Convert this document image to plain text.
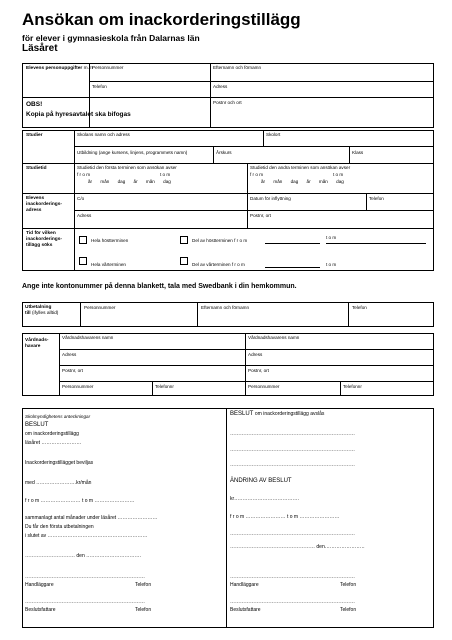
Ansökan om inackorderingstillägg
för elever i gymnasieskola från Dalarnas län
Läsåret
Elevens personuppgifter m.m Personnummer	Efternamn och förnamn
Telefon	Adress
OBS!
Kopia på hyresavtalet ska bifogas
Postnr och ort
Studier	Skolans namn och adress	Skolort
Utbildning (ange kursens, linjens, programmets namn)	Årskurs	Klass
Studietid	Studietid den första terminen som ansökan avser	Studietid den andra terminen som ansökan avser
f r o m	t o m	f r o m	t o m
år mån dag år mån dag	år mån dag år mån dag
Elevens
inackorderings-
adress
C/o	Datum för inflyttning	Telefon
Adress	Postnr, ort
Tid för vilken
inackorderings-
tillägg söks
Hela höstterminen	Del av höstterminen f r o m
t o m
Hela vårterminen	Del av vårterminen f r o m	t o m
Ange inte kontonummer på denna blankett, tala med Swedbank i din hemkommun.
Utbetalning
till (ifylles alltid)
Personnummer	Efternamn och förnamn	Telefon
Vårdnads-
havare
Vårdnadshavarens namn	Vårdnadshavarens namn
Adress	Adress
Postnr, ort	Postnr, ort
Personnummer	Telefonnr	Personnummer	Telefonnr
Skolmyndighetens anteckningar
BESLUT
om inackorderingstillägg
läsåret ……………………
Inackorderingstillägget beviljas
med ……………………kr/mån
f r o m …………………… t o m ……………………
sammanlagt antal månader under läsåret ……………………
Du får den första utbetalningen
i slutet av ……………………………………………………
………………………… den ……………………………
………………………………………………………………
Handläggare	Telefon
………………………………………………………………
Beslutsfattare	Telefon
BESLUT om inackorderingstillägg avslås
…………………………………………………………………
…………………………………………………………………
…………………………………………………………………
ÄNDRING AV BESLUT
kr…………………………………
f r o m …………………… t o m ……………………
…………………………………………………………………
…………………………………………… den……………………
…………………………………………………………………
Handläggare	Telefon
…………………………………………………………………
Beslutsfattare	Telefon
